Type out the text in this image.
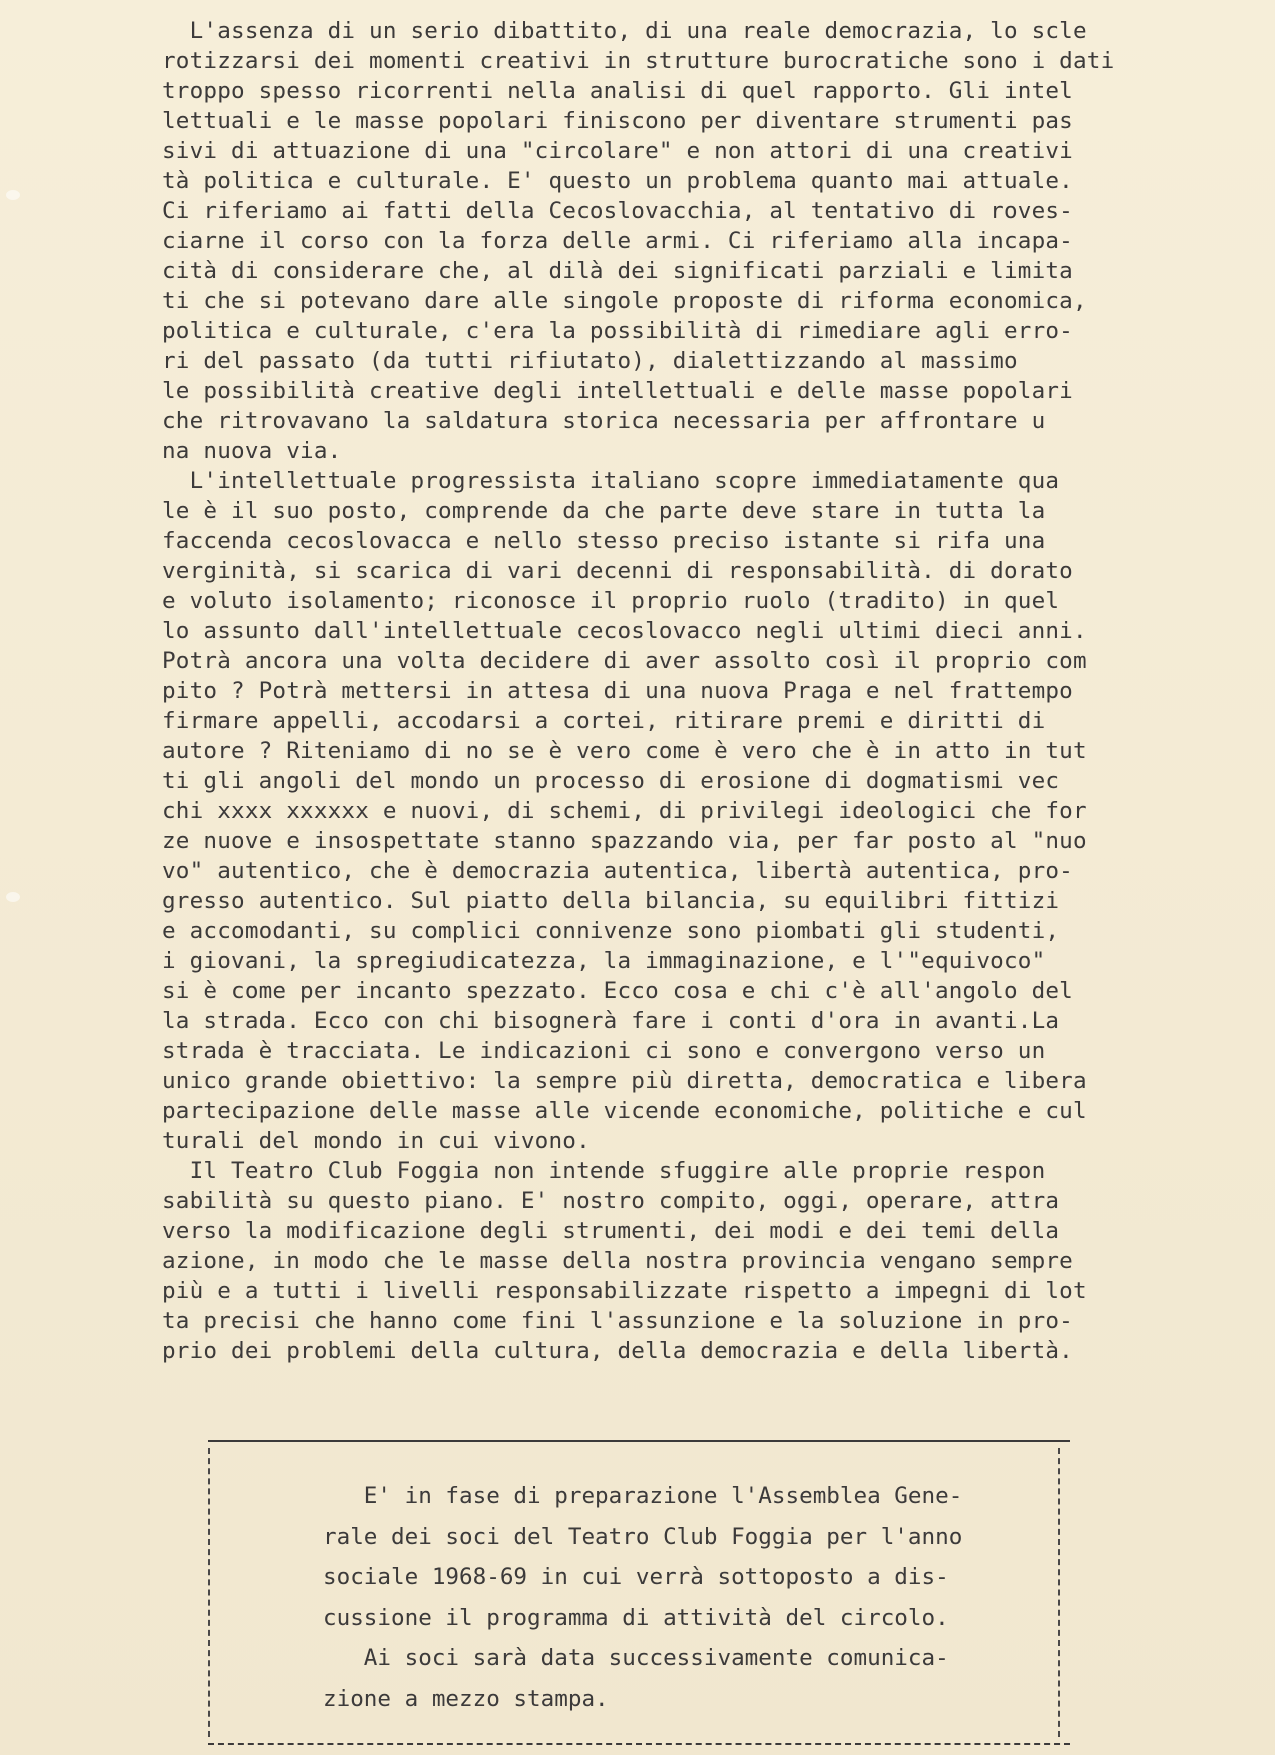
L'assenza di un serio dibattito, di una reale democrazia, lo scle
rotizzarsi dei momenti creativi in strutture burocratiche sono i dati
troppo spesso ricorrenti nella analisi di quel rapporto. Gli intel
lettuali e le masse popolari finiscono per diventare strumenti pas
sivi di attuazione di una "circolare" e non attori di una creativi
tà politica e culturale. E' questo un problema quanto mai attuale.
Ci riferiamo ai fatti della Cecoslovacchia, al tentativo di roves-
ciarne il corso con la forza delle armi. Ci riferiamo alla incapa-
cità di considerare che, al dilà dei significati parziali e limita
ti che si potevano dare alle singole proposte di riforma economica,
politica e culturale, c'era la possibilità di rimediare agli erro-
ri del passato (da tutti rifiutato), dialettizzando al massimo
le possibilità creative degli intellettuali e delle masse popolari
che ritrovavano la saldatura storica necessaria per affrontare u
na nuova via.
L'intellettuale progressista italiano scopre immediatamente qua
le è il suo posto, comprende da che parte deve stare in tutta la
faccenda cecoslovacca e nello stesso preciso istante si rifa una
verginità, si scarica di vari decenni di responsabilità. di dorato
e voluto isolamento; riconosce il proprio ruolo (tradito) in quel
lo assunto dall'intellettuale cecoslovacco negli ultimi dieci anni.
Potrà ancora una volta decidere di aver assolto così il proprio com
pito ? Potrà mettersi in attesa di una nuova Praga e nel frattempo
firmare appelli, accodarsi a cortei, ritirare premi e diritti di
autore ? Riteniamo di no se è vero come è vero che è in atto in tut
ti gli angoli del mondo un processo di erosione di dogmatismi vec
chi xxxx xxxxxx e nuovi, di schemi, di privilegi ideologici che for
ze nuove e insospettate stanno spazzando via, per far posto al "nuo
vo" autentico, che è democrazia autentica, libertà autentica, pro-
gresso autentico. Sul piatto della bilancia, su equilibri fittizi
e accomodanti, su complici connivenze sono piombati gli studenti,
i giovani, la spregiudicatezza, la immaginazione, e l'"equivoco"
si è come per incanto spezzato. Ecco cosa e chi c'è all'angolo del
la strada. Ecco con chi bisognerà fare i conti d'ora in avanti.La
strada è tracciata. Le indicazioni ci sono e convergono verso un
unico grande obiettivo: la sempre più diretta, democratica e libera
partecipazione delle masse alle vicende economiche, politiche e cul
turali del mondo in cui vivono.
Il Teatro Club Foggia non intende sfuggire alle proprie respon
sabilità su questo piano. E' nostro compito, oggi, operare, attra
verso la modificazione degli strumenti, dei modi e dei temi della
azione, in modo che le masse della nostra provincia vengano sempre
più e a tutti i livelli responsabilizzate rispetto a impegni di lot
ta precisi che hanno come fini l'assunzione e la soluzione in pro-
prio dei problemi della cultura, della democrazia e della libertà.
E' in fase di preparazione l'Assemblea Gene-
rale dei soci del Teatro Club Foggia per l'anno
sociale 1968-69 in cui verrà sottoposto a dis-
cussione il programma di attività del circolo.
Ai soci sarà data successivamente comunica-
zione a mezzo stampa.
